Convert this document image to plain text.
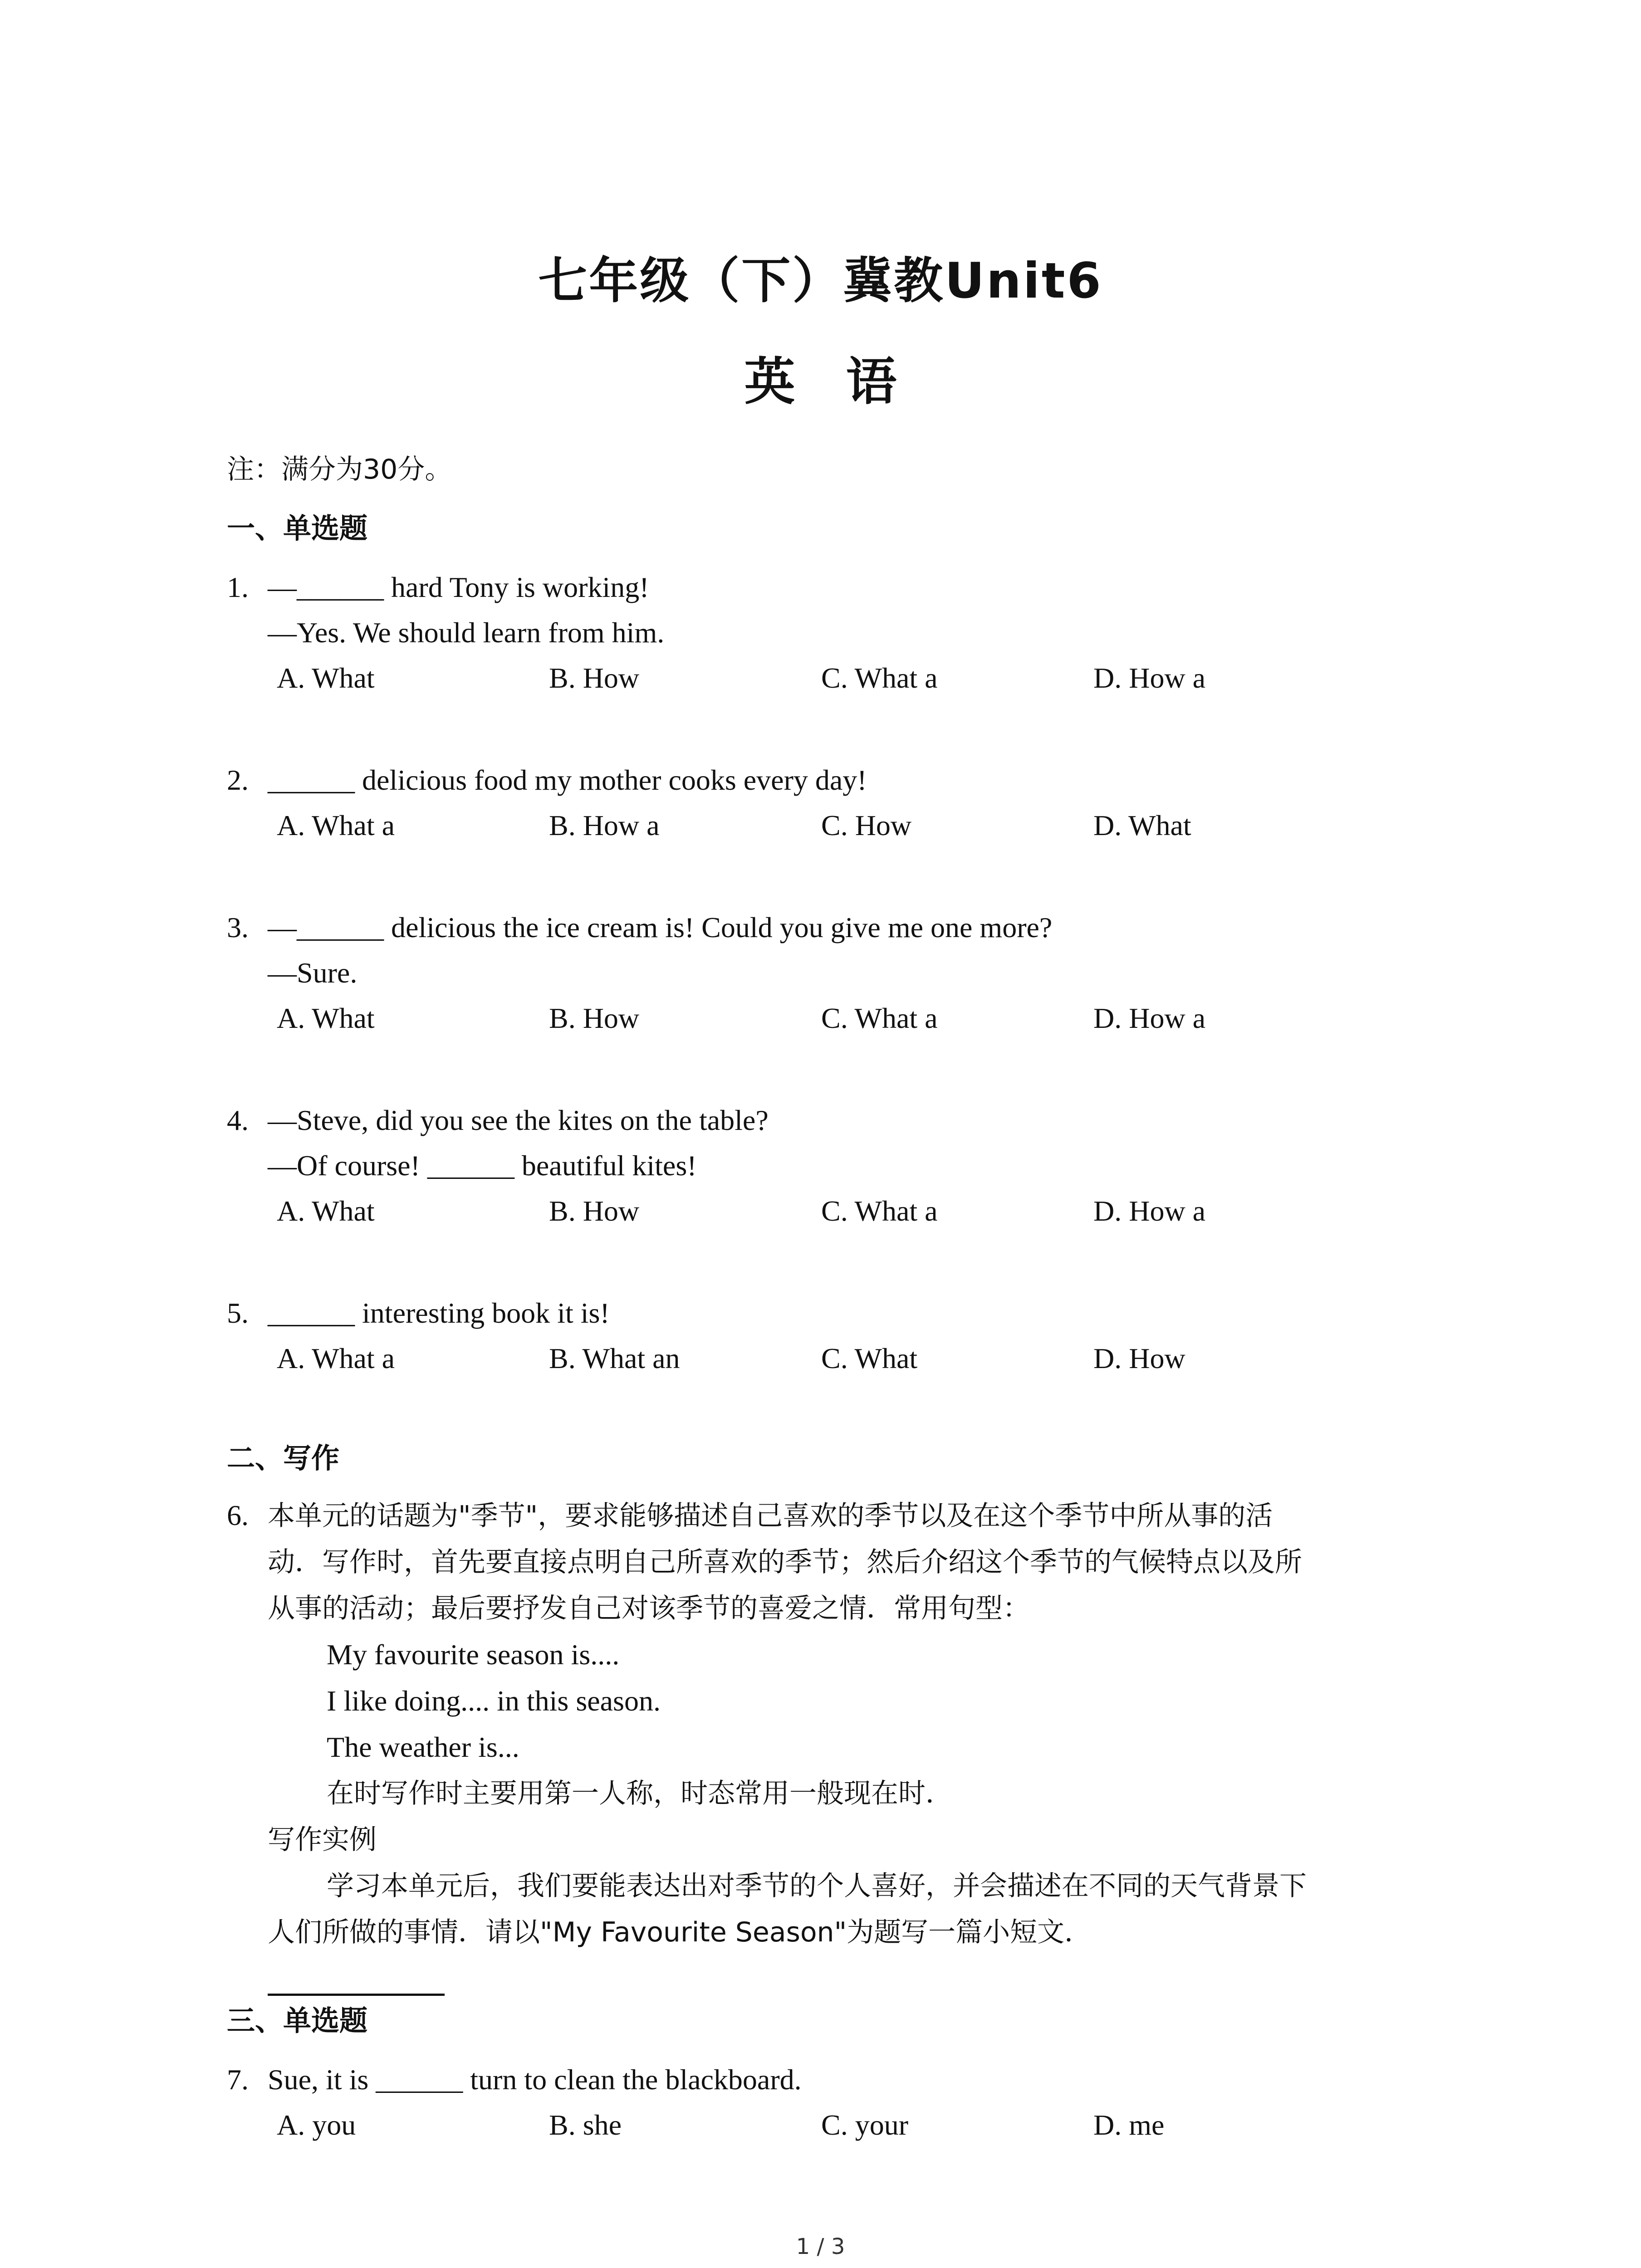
七年级（下）冀教Unit6
英 语
注：满分为30分。
一、单选题
1. —______ hard Tony is working!
—Yes. We should learn from him.
A. What	B. How	C. What a	D. How a
2. ______ delicious food my mother cooks every day!
A. What a	B. How a	C. How	D. What
3. —______ delicious the ice cream is! Could you give me one more?
—Sure.
A. What	B. How	C. What a	D. How a
4. —Steve, did you see the kites on the table?
—Of course! ______ beautiful kites!
A. What	B. How	C. What a	D. How a
5. ______ interesting book it is!
A. What a	B. What an	C. What	D. How
二、写作
6. 本单元的话题为"季节"，要求能够描述自己喜欢的季节以及在这个季节中所从事的活
动．写作时，首先要直接点明自己所喜欢的季节；然后介绍这个季节的气候特点以及所
从事的活动；最后要抒发自己对该季节的喜爱之情．常用句型：
My favourite season is....
I like doing.... in this season.
The weather is...
在时写作时主要用第一人称，时态常用一般现在时．
写作实例
学习本单元后，我们要能表达出对季节的个人喜好，并会描述在不同的天气背景下
人们所做的事情．请以"My Favourite Season"为题写一篇小短文．
三、单选题
7. Sue, it is ______ turn to clean the blackboard.
A. you	B. she	C. your	D. me
1 / 3
